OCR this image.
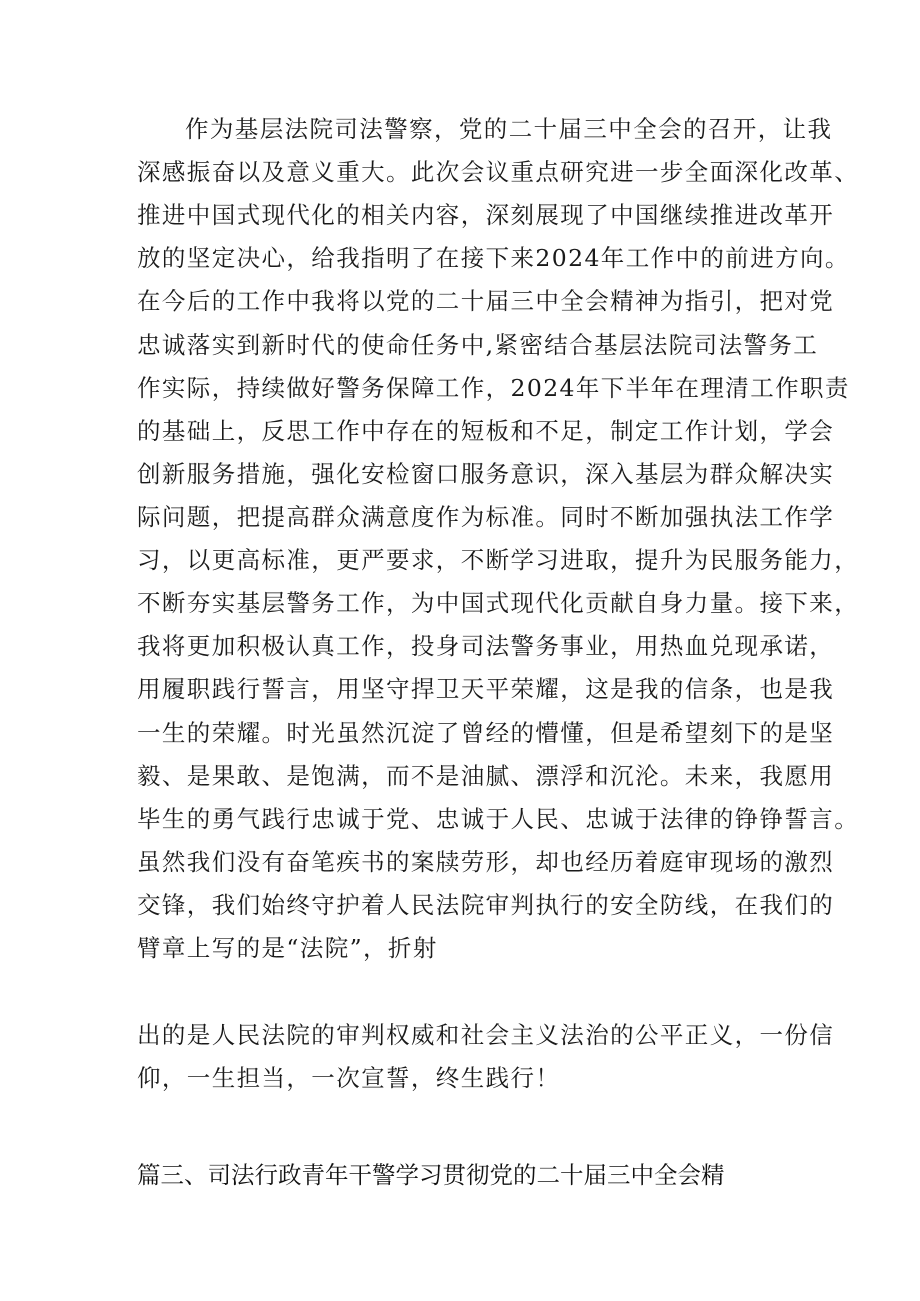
作为基层法院司法警察，党的二十届三中全会的召开，让我
深感振奋以及意义重大。此次会议重点研究进一步全面深化改革、
推进中国式现代化的相关内容，深刻展现了中国继续推进改革开
放的坚定决心，给我指明了在接下来2024年工作中的前进方向。
在今后的工作中我将以党的二十届三中全会精神为指引，把对党
忠诚落实到新时代的使命任务中,紧密结合基层法院司法警务工
作实际，持续做好警务保障工作，2024年下半年在理清工作职责
的基础上，反思工作中存在的短板和不足，制定工作计划，学会
创新服务措施，强化安检窗口服务意识，深入基层为群众解决实
际问题，把提高群众满意度作为标准。同时不断加强执法工作学
习，以更高标准，更严要求，不断学习进取，提升为民服务能力，
不断夯实基层警务工作，为中国式现代化贡献自身力量。接下来，
我将更加积极认真工作，投身司法警务事业，用热血兑现承诺，
用履职践行誓言，用坚守捍卫天平荣耀，这是我的信条，也是我
一生的荣耀。时光虽然沉淀了曾经的懵懂，但是希望刻下的是坚
毅、是果敢、是饱满，而不是油腻、漂浮和沉沦。未来，我愿用
毕生的勇气践行忠诚于党、忠诚于人民、忠诚于法律的铮铮誓言。
虽然我们没有奋笔疾书的案牍劳形，却也经历着庭审现场的激烈
交锋，我们始终守护着人民法院审判执行的安全防线，在我们的
臂章上写的是“法院”，折射
出的是人民法院的审判权威和社会主义法治的公平正义，一份信
仰，一生担当，一次宣誓，终生践行！
篇三、司法行政青年干警学习贯彻党的二十届三中全会精
